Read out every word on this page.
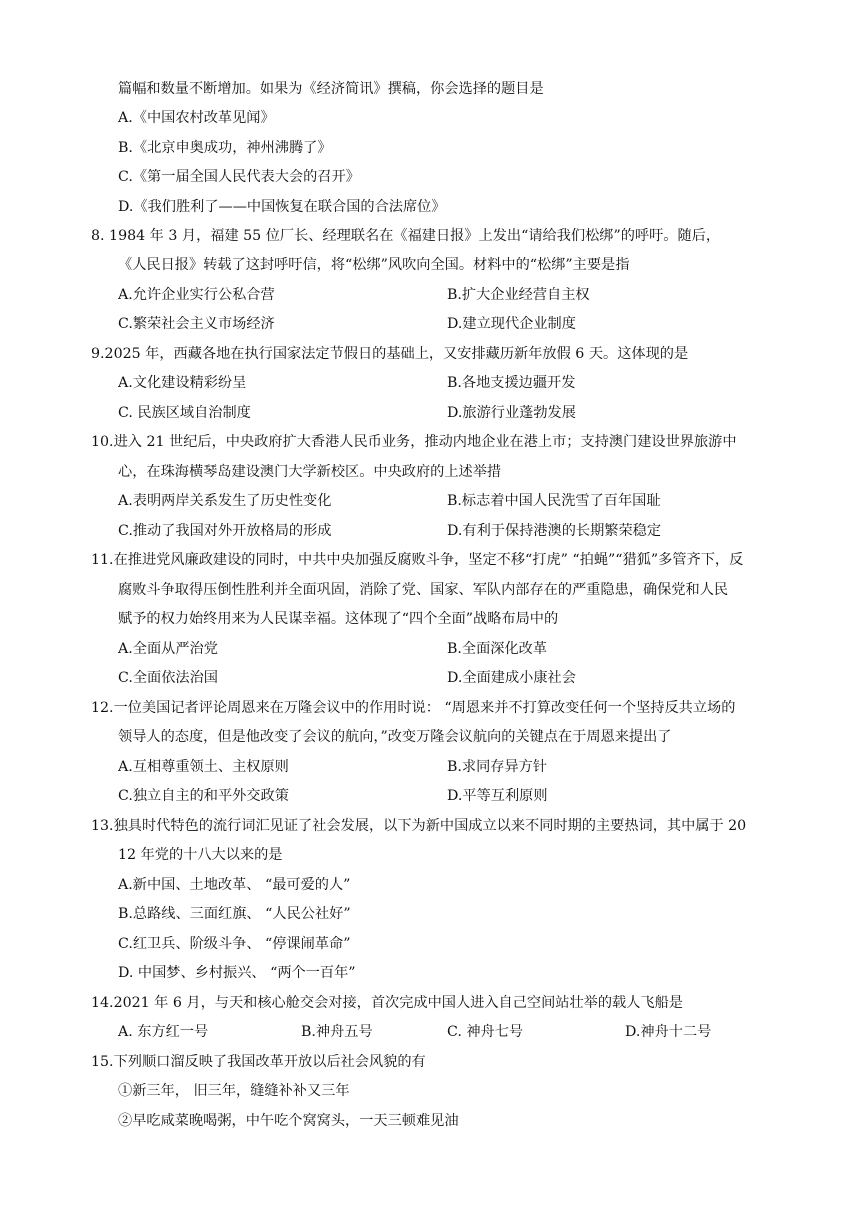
篇幅和数量不断增加。如果为《经济简讯》撰稿，你会选择的题目是
A.《中国农村改革见闻》
B.《北京申奥成功，神州沸腾了》
C.《第一届全国人民代表大会的召开》
D.《我们胜利了——中国恢复在联合国的合法席位》
8. 1984 年 3 月，福建 55 位厂长、经理联名在《福建日报》上发出“请给我们松绑”的呼吁。随后，
《人民日报》转载了这封呼吁信，将“松绑”风吹向全国。材料中的“松绑”主要是指
A.允许企业实行公私合营	B.扩大企业经营自主权
C.繁荣社会主义市场经济	D.建立现代企业制度
9.2025 年，西藏各地在执行国家法定节假日的基础上，又安排藏历新年放假 6 天。这体现的是
A.文化建设精彩纷呈	B.各地支援边疆开发
C. 民族区域自治制度	D.旅游行业蓬勃发展
10.进入 21 世纪后，中央政府扩大香港人民币业务，推动内地企业在港上市；支持澳门建设世界旅游中
心，在珠海横琴岛建设澳门大学新校区。中央政府的上述举措
A.表明两岸关系发生了历史性变化	B.标志着中国人民洗雪了百年国耻
C.推动了我国对外开放格局的形成	D.有利于保持港澳的长期繁荣稳定
11.在推进党风廉政建设的同时，中共中央加强反腐败斗争，坚定不移“打虎” “拍蝇”“猎狐”多管齐下，反
腐败斗争取得压倒性胜利并全面巩固，消除了党、国家、军队内部存在的严重隐患，确保党和人民
赋予的权力始终用来为人民谋幸福。这体现了“四个全面”战略布局中的
A.全面从严治党	B.全面深化改革
C.全面依法治国	D.全面建成小康社会
12.一位美国记者评论周恩来在万隆会议中的作用时说： “周恩来并不打算改变任何一个坚持反共立场的
领导人的态度，但是他改变了会议的航向，”改变万隆会议航向的关键点在于周恩来提出了
A.互相尊重领土、主权原则	B.求同存异方针
C.独立自主的和平外交政策	D.平等互利原则
13.独具时代特色的流行词汇见证了社会发展，以下为新中国成立以来不同时期的主要热词，其中属于 20
12 年党的十八大以来的是
A.新中国、土地改革、 “最可爱的人”
B.总路线、三面红旗、 “人民公社好”
C.红卫兵、阶级斗争、 “停课闹革命”
D. 中国梦、乡村振兴、 “两个一百年”
14.2021 年 6 月，与天和核心舱交会对接，首次完成中国人进入自己空间站壮举的载人飞船是
A. 东方红一号	B.神舟五号	C. 神舟七号	D.神舟十二号
15.下列顺口溜反映了我国改革开放以后社会风貌的有
①新三年， 旧三年，缝缝补补又三年
②早吃咸菜晚喝粥，中午吃个窝窝头，一天三顿难见油
